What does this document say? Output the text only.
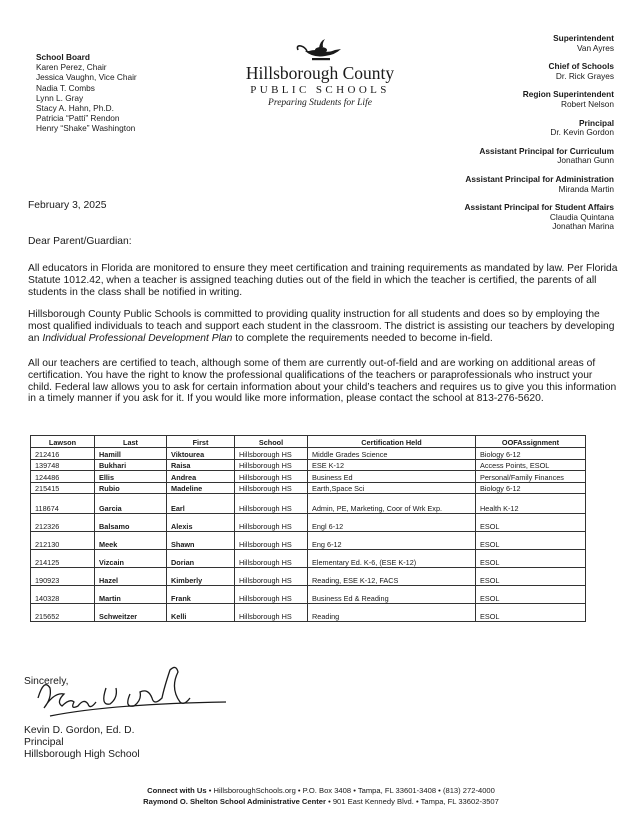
School Board
Karen Perez, Chair
Jessica Vaughn, Vice Chair
Nadia T. Combs
Lynn L. Gray
Stacy A. Hahn, Ph.D.
Patricia “Patti” Rendon
Henry “Shake” Washington
Hillsborough County
PUBLIC SCHOOLS
Preparing Students for Life
Superintendent
Van Ayres
Chief of Schools
Dr. Rick Grayes
Region Superintendent
Robert Nelson
Principal
Dr. Kevin Gordon
Assistant Principal for Curriculum
Jonathan Gunn
Assistant Principal for Administration
Miranda Martin
Assistant Principal for Student Affairs
Claudia Quintana
Jonathan Marina
February 3, 2025
Dear Parent/Guardian:
All educators in Florida are monitored to ensure they meet certification and training requirements as mandated by law. Per Florida Statute 1012.42, when a teacher is assigned teaching duties out of the field in which the teacher is certified, the parents of all students in the class shall be notified in writing.
Hillsborough County Public Schools is committed to providing quality instruction for all students and does so by employing the most qualified individuals to teach and support each student in the classroom. The district is assisting our teachers by developing an Individual Professional Development Plan to complete the requirements needed to become in-field.
All our teachers are certified to teach, although some of them are currently out-of-field and are working on additional areas of certification. You have the right to know the professional qualifications of the teachers or paraprofessionals who instruct your child. Federal law allows you to ask for certain information about your child’s teachers and requires us to give you this information in a timely manner if you ask for it. If you would like more information, please contact the school at 813-276-5620.
Lawson	Last	First	School	Certification Held	OOFAssignment
212416	Hamill	Viktourea	Hillsborough HS	Middle Grades Science	Biology 6-12
139748	Bukhari	Raisa	Hillsborough HS	ESE K-12	Access Points, ESOL
124486	Ellis	Andrea	Hillsborough HS	Business Ed	Personal/Family Finances
215415	Rubio	Madeline	Hillsborough HS	Earth,Space Sci	Biology 6-12
118674	Garcia	Earl	Hillsborough HS	Admin, PE, Marketing, Coor of Wrk Exp.	Health K-12
212326	Balsamo	Alexis	Hillsborough HS	Engl 6-12	ESOL
212130	Meek	Shawn	Hillsborough HS	Eng 6-12	ESOL
214125	Vizcain	Dorian	Hillsborough HS	Elementary Ed. K-6, (ESE K-12)	ESOL
190923	Hazel	Kimberly	Hillsborough HS	Reading, ESE K-12, FACS	ESOL
140328	Martin	Frank	Hillsborough HS	Business Ed & Reading	ESOL
215652	Schweitzer	Kelli	Hillsborough HS	Reading	ESOL
Sincerely,
Kevin D. Gordon, Ed. D.
Principal
Hillsborough High School
Connect with Us • HillsboroughSchools.org • P.O. Box 3408 • Tampa, FL 33601-3408 • (813) 272-4000
Raymond O. Shelton School Administrative Center • 901 East Kennedy Blvd. • Tampa, FL 33602-3507
